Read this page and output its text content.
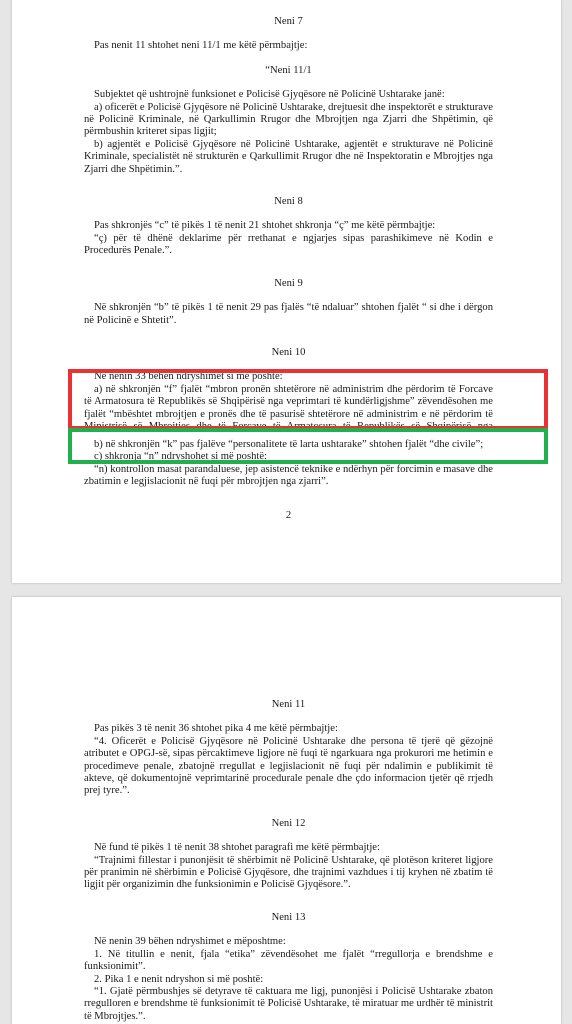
Neni 7

Pas nenit 11 shtohet neni 11/1 me këtë përmbajtje:

“Neni 11/1

Subjektet që ushtrojnë funksionet e Policisë Gjyqësore në Policinë Ushtarake janë:

a) oficerët e Policisë Gjyqësore në Policinë Ushtarake, drejtuesit dhe inspektorët e strukturave në Policinë Kriminale, në Qarkullimin Rrugor dhe Mbrojtjen nga Zjarri dhe Shpëtimin, që përmbushin kriteret sipas ligjit;

b) agjentët e Policisë Gjyqësore në Policinë Ushtarake, agjentët e strukturave në Policinë Kriminale, specialistët në strukturën e Qarkullimit Rrugor dhe në Inspektoratin e Mbrojtjes nga Zjarri dhe Shpëtimin.”.

Neni 8

Pas shkronjës “c” të pikës 1 të nenit 21 shtohet shkronja “ç” me këtë përmbajtje:

“ç) për të dhënë deklarime për rrethanat e ngjarjes sipas parashikimeve në Kodin e Procedurës Penale.”.

Neni 9

Në shkronjën “b” të pikës 1 të nenit 29 pas fjalës “të ndaluar” shtohen fjalët “ si dhe i dërgon në Policinë e Shtetit”.

Neni 10

Në nenin 33 bëhen ndryshimet si më poshtë:

a) në shkronjën “f” fjalët “mbron pronën shtetërore në administrim dhe përdorim të Forcave të Armatosura të Republikës së Shqipërisë nga veprimtari të kundërligjshme” zëvendësohen me fjalët “mbështet mbrojtjen e pronës dhe të pasurisë shtetërore në administrim e në përdorim të Ministrisë së Mbrojtjes dhe të Forcave të Armatosura të Republikës së Shqipërisë nga

b) në shkronjën “k” pas fjalëve “personalitete të larta ushtarake” shtohen fjalët “dhe civile”;

c) shkronja “n” ndryshohet si më poshtë:

“n) kontrollon masat parandaluese, jep asistencë teknike e ndërhyn për forcimin e masave dhe zbatimin e legjislacionit në fuqi për mbrojtjen nga zjarri”.

2
Neni 11

Pas pikës 3 të nenit 36 shtohet pika 4 me këtë përmbajtje:

“4. Oficerët e Policisë Gjyqësore në Policinë Ushtarake dhe persona të tjerë që gëzojnë atributet e OPGJ-së, sipas përcaktimeve ligjore në fuqi të ngarkuara nga prokurori me hetimin e procedimeve penale, zbatojnë rregullat e legjislacionit në fuqi për ndalimin e publikimit të akteve, që dokumentojnë veprimtarinë procedurale penale dhe çdo informacion tjetër që rrjedh prej tyre.”.

Neni 12

Në fund të pikës 1 të nenit 38 shtohet paragrafi me këtë përmbajtje:

“Trajnimi fillestar i punonjësit të shërbimit në Policinë Ushtarake, që plotëson kriteret ligjore për pranimin në shërbimin e Policisë Gjyqësore, dhe trajnimi vazhdues i tij kryhen në zbatim të ligjit për organizimin dhe funksionimin e Policisë Gjyqësore.”.

Neni 13

Në nenin 39 bëhen ndryshimet e mëposhtme:

1. Në titullin e nenit, fjala “etika” zëvendësohet me fjalët “rregullorja e brendshme e funksionimit”.

2. Pika 1 e nenit ndryshon si më poshtë:

“1. Gjatë përmbushjes së detyrave të caktuara me ligj, punonjësi i Policisë Ushtarake zbaton rregulloren e brendshme të funksionimit të Policisë Ushtarake, të miratuar me urdhër të ministrit të Mbrojtjes.”.
